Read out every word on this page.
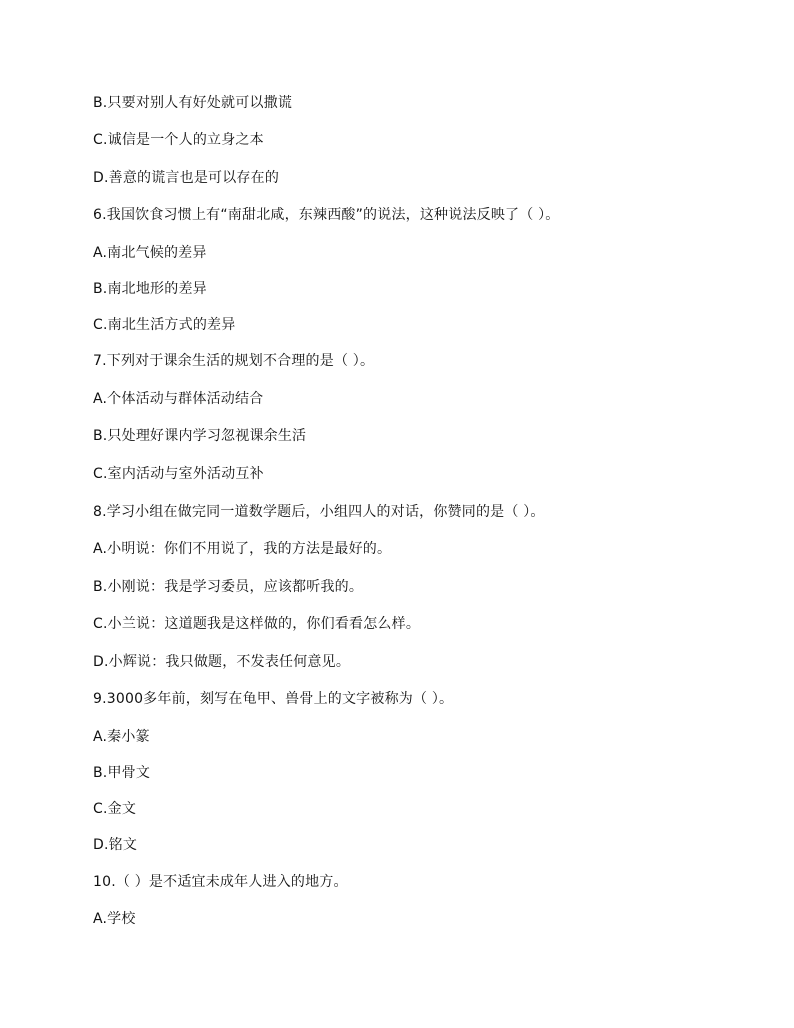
B.只要对别人有好处就可以撒谎
C.诚信是一个人的立身之本
D.善意的谎言也是可以存在的
6.我国饮食习惯上有“南甜北咸，东辣西酸”的说法，这种说法反映了（ ）。
A.南北气候的差异
B.南北地形的差异
C.南北生活方式的差异
7.下列对于课余生活的规划不合理的是（ ）。
A.个体活动与群体活动结合
B.只处理好课内学习忽视课余生活
C.室内活动与室外活动互补
8.学习小组在做完同一道数学题后，小组四人的对话，你赞同的是（ ）。
A.小明说：你们不用说了，我的方法是最好的。
B.小刚说：我是学习委员，应该都听我的。
C.小兰说：这道题我是这样做的，你们看看怎么样。
D.小辉说：我只做题，不发表任何意见。
9.3000多年前，刻写在龟甲、兽骨上的文字被称为（ ）。
A.秦小篆
B.甲骨文
C.金文
D.铭文
10.（ ）是不适宜未成年人进入的地方。
A.学校
